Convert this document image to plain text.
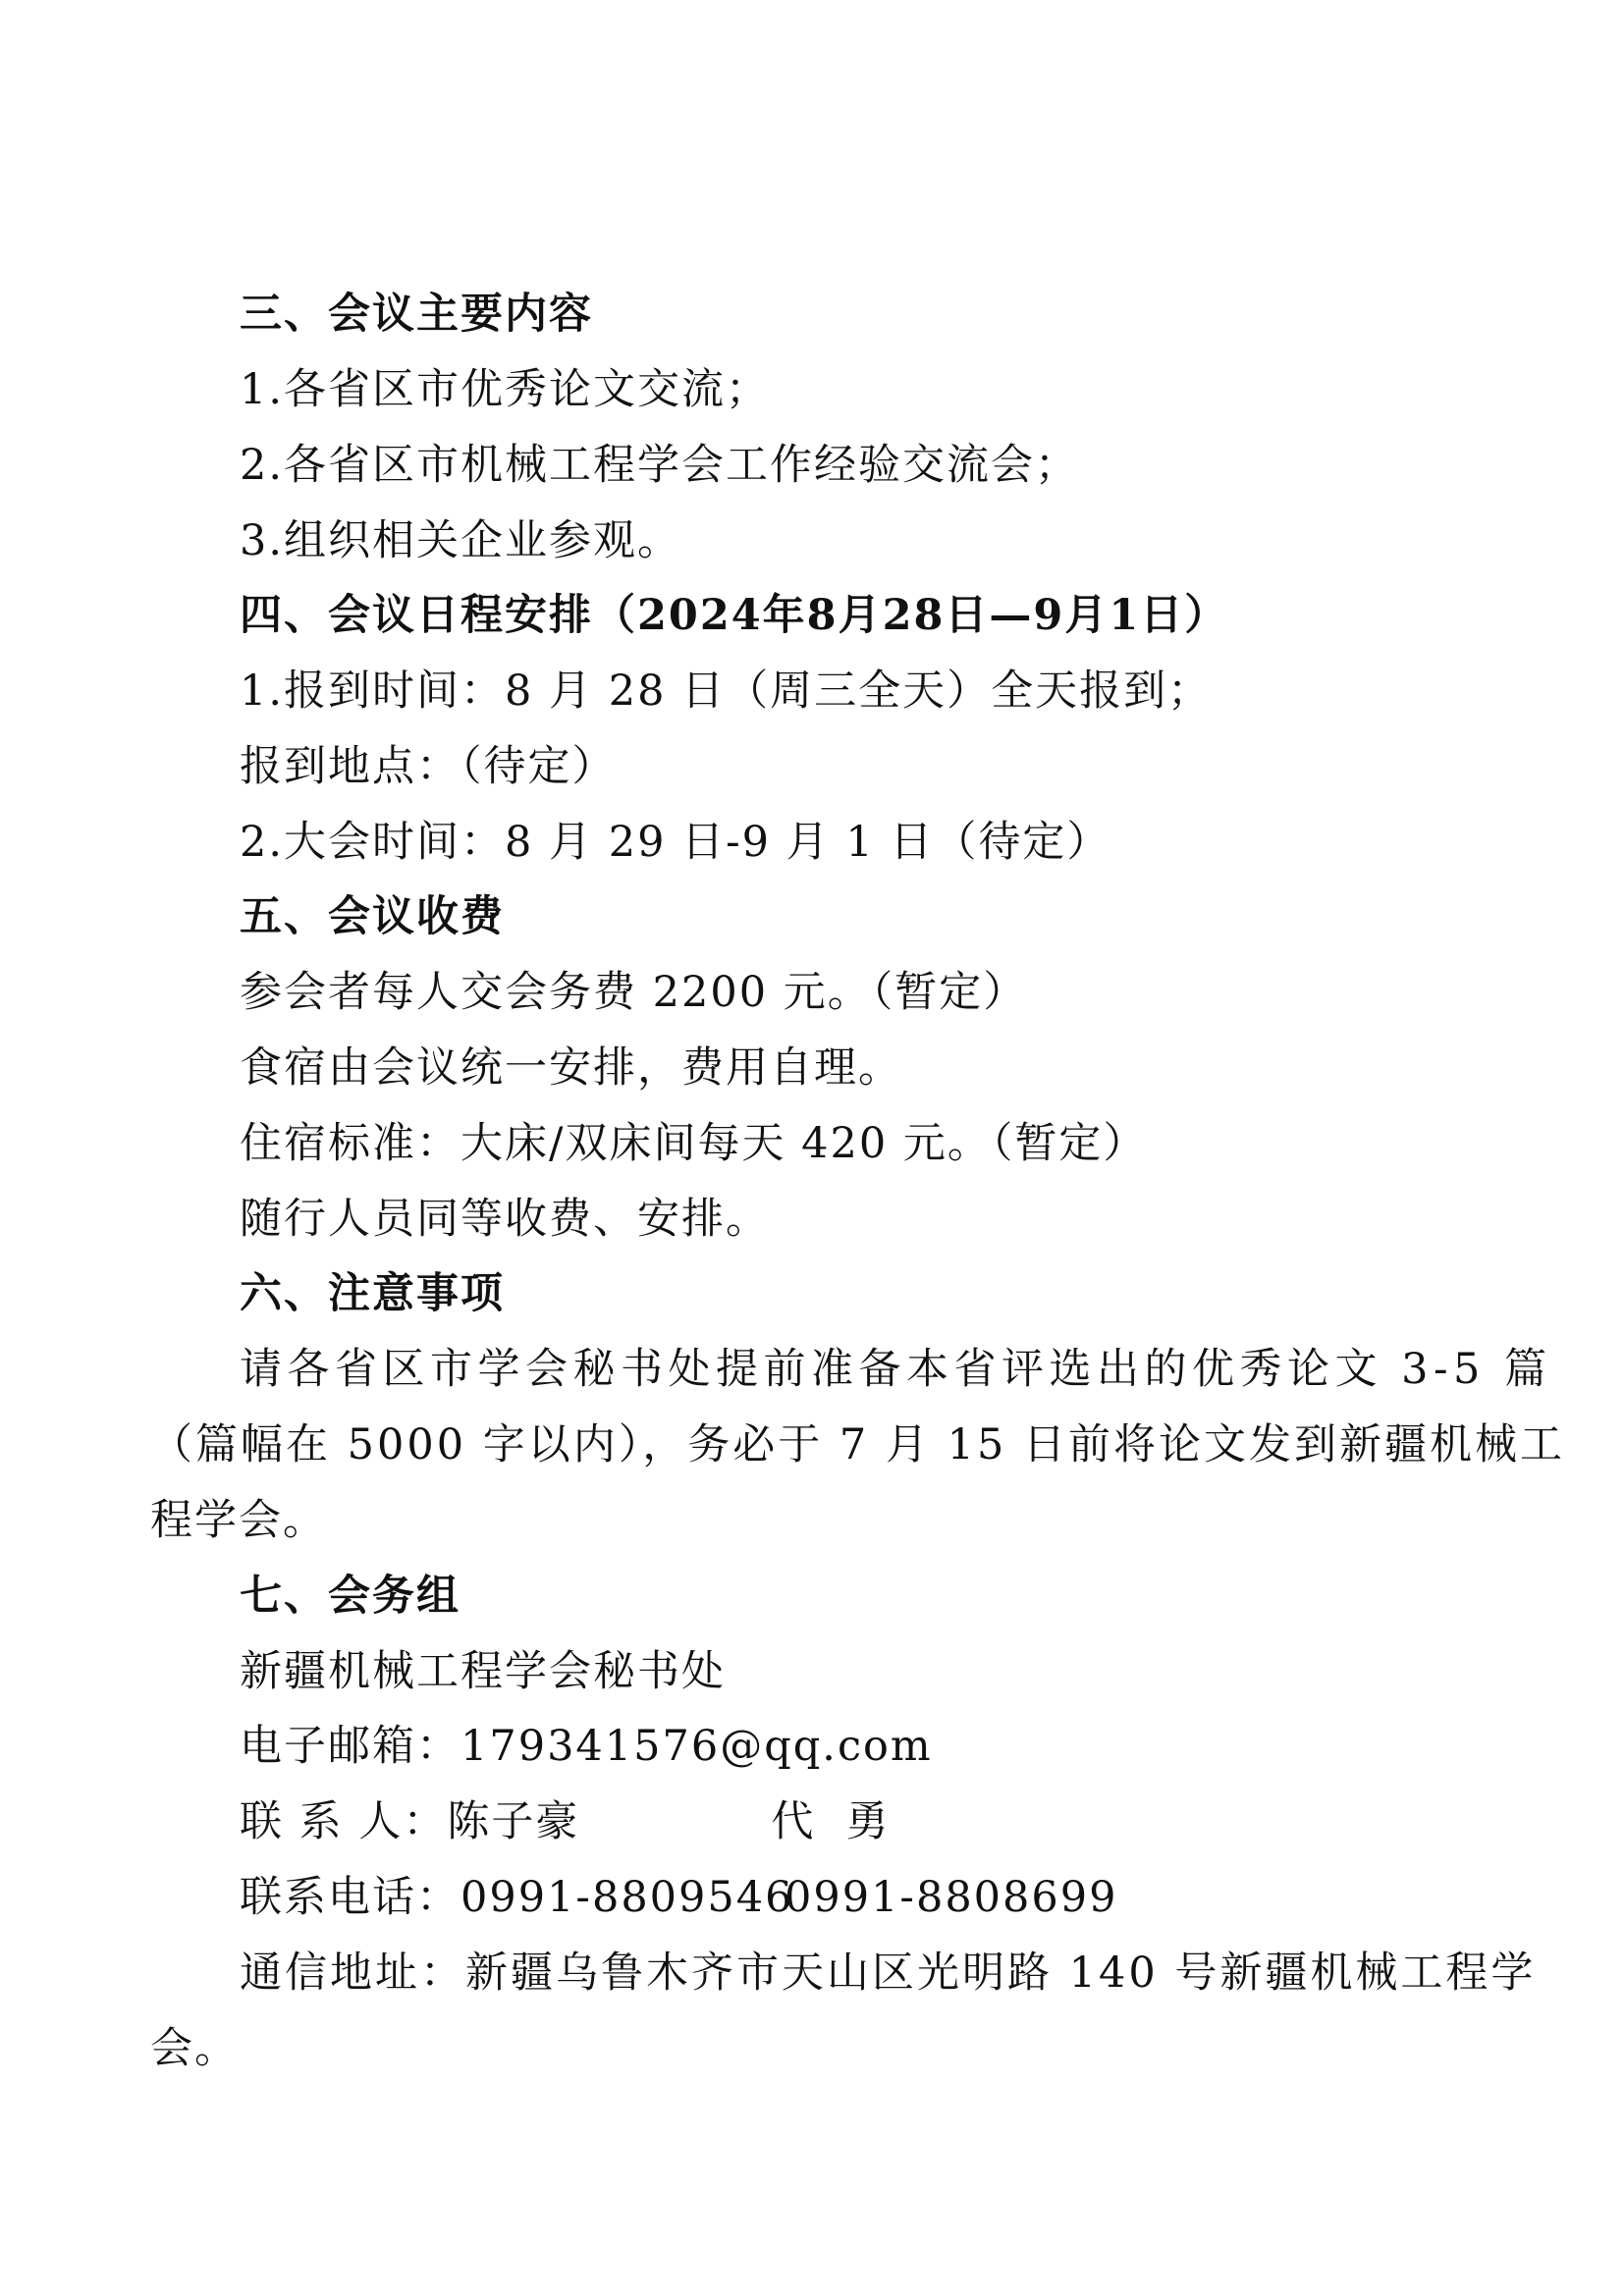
三、会议主要内容
1.各省区市优秀论文交流；
2.各省区市机械工程学会工作经验交流会；
3.组织相关企业参观。
四、会议日程安排（2024年8月28日—9月1日）
1.报到时间：8 月 28 日（周三全天）全天报到；
报到地点：（待定）
2.大会时间：8 月 29 日-9 月 1 日（待定）
五、会议收费
参会者每人交会务费 2200 元。（暂定）
食宿由会议统一安排，费用自理。
住宿标准：大床/双床间每天 420 元。（暂定）
随行人员同等收费、安排。
六、注意事项
请各省区市学会秘书处提前准备本省评选出的优秀论文 3-5 篇
（篇幅在 5000 字以内），务必于 7 月 15 日前将论文发到新疆机械工
程学会。
七、会务组
新疆机械工程学会秘书处
电子邮箱：179341576@qq.com
联 系 人：陈子豪	代  勇
联系电话：0991-88095460991-8808699
通信地址：新疆乌鲁木齐市天山区光明路 140 号新疆机械工程学
会。
